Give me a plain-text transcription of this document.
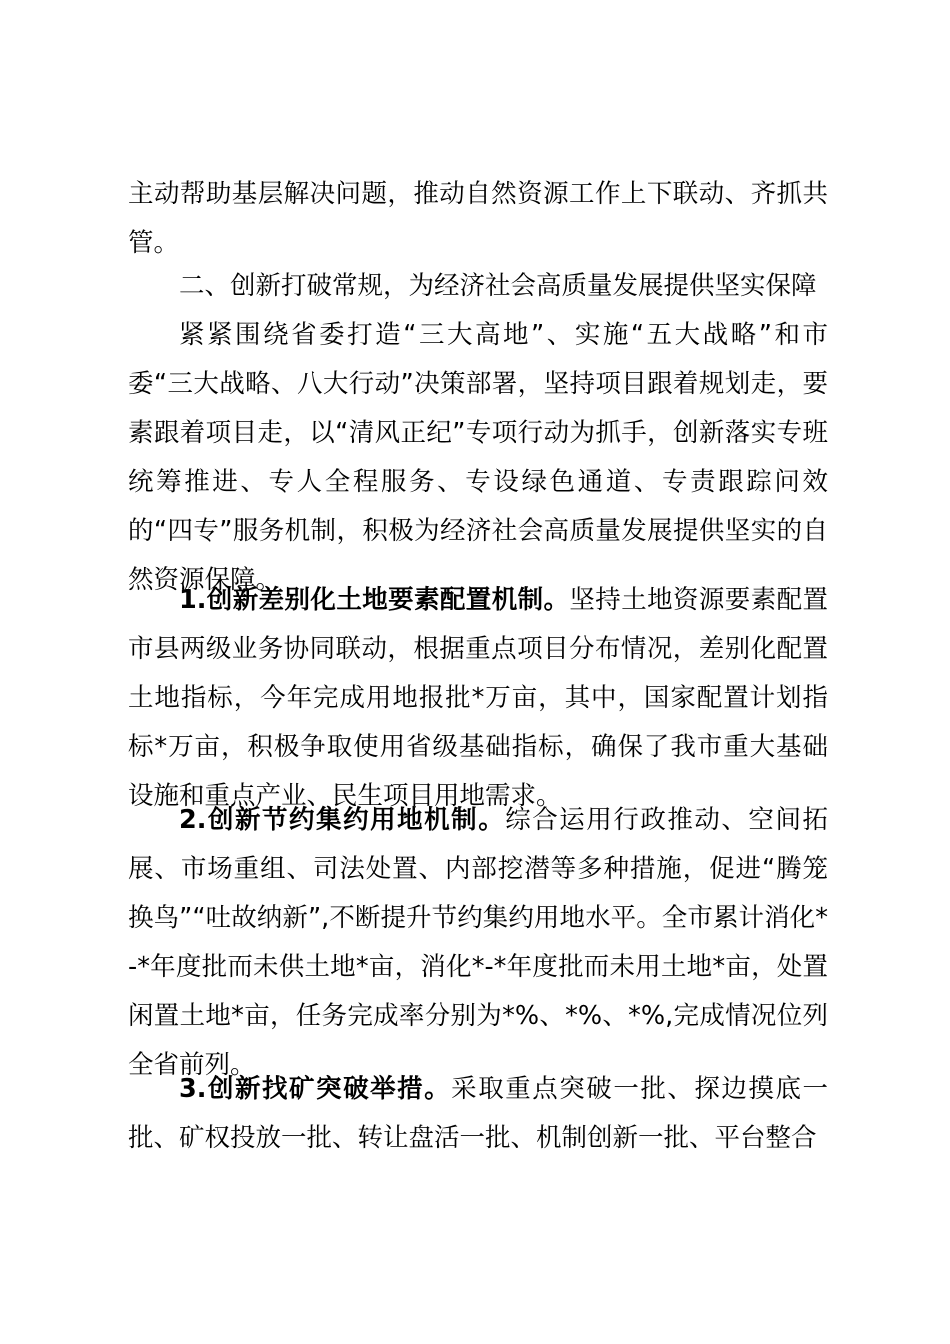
主动帮助基层解决问题，推动自然资源工作上下联动、齐抓共管。

二、创新打破常规，为经济社会高质量发展提供坚实保障

紧紧围绕省委打造“三大高地”、实施“五大战略”和市委“三大战略、八大行动”决策部署，坚持项目跟着规划走，要素跟着项目走，以“清风正纪”专项行动为抓手，创新落实专班统筹推进、专人全程服务、专设绿色通道、专责跟踪问效的“四专”服务机制，积极为经济社会高质量发展提供坚实的自然资源保障。

1.创新差别化土地要素配置机制。坚持土地资源要素配置市县两级业务协同联动，根据重点项目分布情况，差别化配置土地指标，今年完成用地报批*万亩，其中，国家配置计划指标*万亩，积极争取使用省级基础指标，确保了我市重大基础设施和重点产业、民生项目用地需求。

2.创新节约集约用地机制。综合运用行政推动、空间拓展、市场重组、司法处置、内部挖潜等多种措施，促进“腾笼换鸟”“吐故纳新”,不断提升节约集约用地水平。全市累计消化*-*年度批而未供土地*亩，消化*-*年度批而未用土地*亩，处置闲置土地*亩，任务完成率分别为*%、*%、*%,完成情况位列全省前列。

3.创新找矿突破举措。采取重点突破一批、探边摸底一批、矿权投放一批、转让盘活一批、机制创新一批、平台整合
